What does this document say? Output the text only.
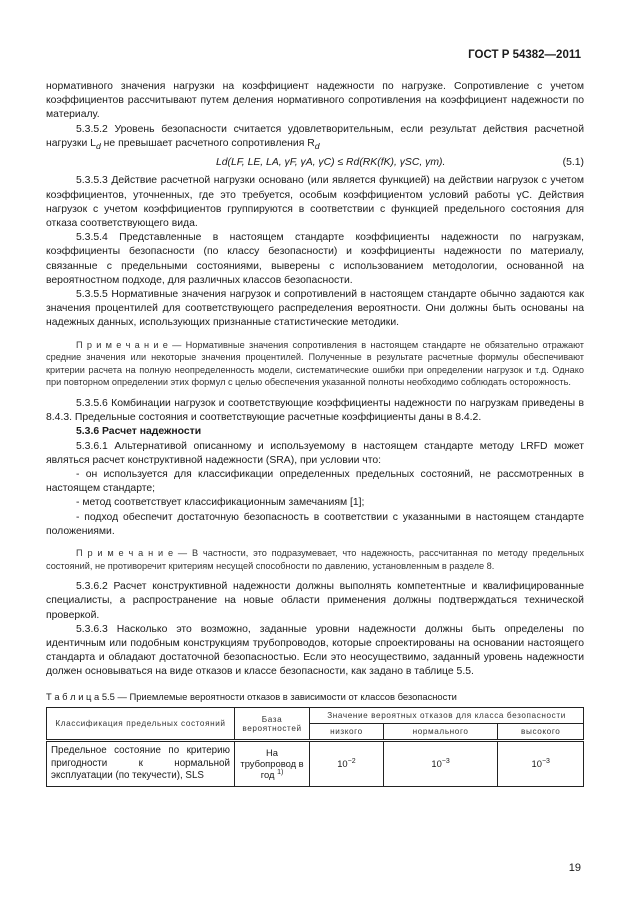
ГОСТ Р 54382—2011

нормативного значения нагрузки на коэффициент надежности по нагрузке. Сопротивление с учетом коэффициентов рассчитывают путем деления нормативного сопротивления на коэффициент надежности по материалу.

5.3.5.2 Уровень безопасности считается удовлетворительным, если результат действия расчетной нагрузки $L_d$ не превышает расчетного сопротивления $R_d$

Ld(LF, LE, LA, γF, γA, γC) ≤ Rd(RK(fK), γSC, γm).	(5.1)

5.3.5.3 Действие расчетной нагрузки основано (или является функцией) на действии нагрузок с учетом коэффициентов, уточненных, где это требуется, особым коэффициентом условий работы γC. Действия нагрузок с учетом коэффициентов группируются в соответствии с функцией предельного состояния для отказа соответствующего вида.

5.3.5.4 Представленные в настоящем стандарте коэффициенты надежности по нагрузкам, коэффициенты безопасности (по классу безопасности) и коэффициенты надежности по материалу, связанные с предельными состояниями, выверены с использованием методологии, основанной на вероятностном подходе, для различных классов безопасности.

5.3.5.5 Нормативные значения нагрузок и сопротивлений в настоящем стандарте обычно задаются как значения процентилей для соответствующего распределения вероятности. Они должны быть основаны на надежных данных, использующих признанные статистические методики.

П р и м е ч а н и е — Нормативные значения сопротивления в настоящем стандарте не обязательно отражают средние значения или некоторые значения процентилей. Полученные в результате расчетные формулы обеспечивают критерии расчета на полную неопределенность модели, систематические ошибки при определении нагрузок и т.д. Однако при повторном определении этих формул с целью обеспечения указанной полноты необходимо соблюдать осторожность.

5.3.5.6 Комбинации нагрузок и соответствующие коэффициенты надежности по нагрузкам приведены в 8.4.3. Предельные состояния и соответствующие расчетные коэффициенты даны в 8.4.2.

5.3.6 Расчет надежности

5.3.6.1 Альтернативой описанному и используемому в настоящем стандарте методу LRFD может являться расчет конструктивной надежности (SRA), при условии что:

- он используется для классификации определенных предельных состояний, не рассмотренных в настоящем стандарте;

- метод соответствует классификационным замечаниям [1];

- подход обеспечит достаточную безопасность в соответствии с указанными в настоящем стандарте положениями.

П р и м е ч а н и е — В частности, это подразумевает, что надежность, рассчитанная по методу предельных состояний, не противоречит критериям несущей способности по давлению, установленным в разделе 8.

5.3.6.2 Расчет конструктивной надежности должны выполнять компетентные и квалифицированные специалисты, а распространение на новые области применения должны подтверждаться технической проверкой.

5.3.6.3 Насколько это возможно, заданные уровни надежности должны быть определены по идентичным или подобным конструкциям трубопроводов, которые спроектированы на основании настоящего стандарта и обладают достаточной безопасностью. Если это неосуществимо, заданный уровень надежности должен основываться на виде отказов и классе безопасности, как задано в таблице 5.5.

Т а б л и ц а 5.5 — Приемлемые вероятности отказов в зависимости от классов безопасности
Классификация предельных состояний	База вероятностей	Значение вероятных отказов для класса безопасности		
		низкого	нормального	высокого
Предельное состояние по критерию пригодности к нормальной эксплуатации (по текучести), SLS	На трубопровод в год $^{1)}$	$10^{-2}$	$10^{-3}$	$10^{-3}$
19
